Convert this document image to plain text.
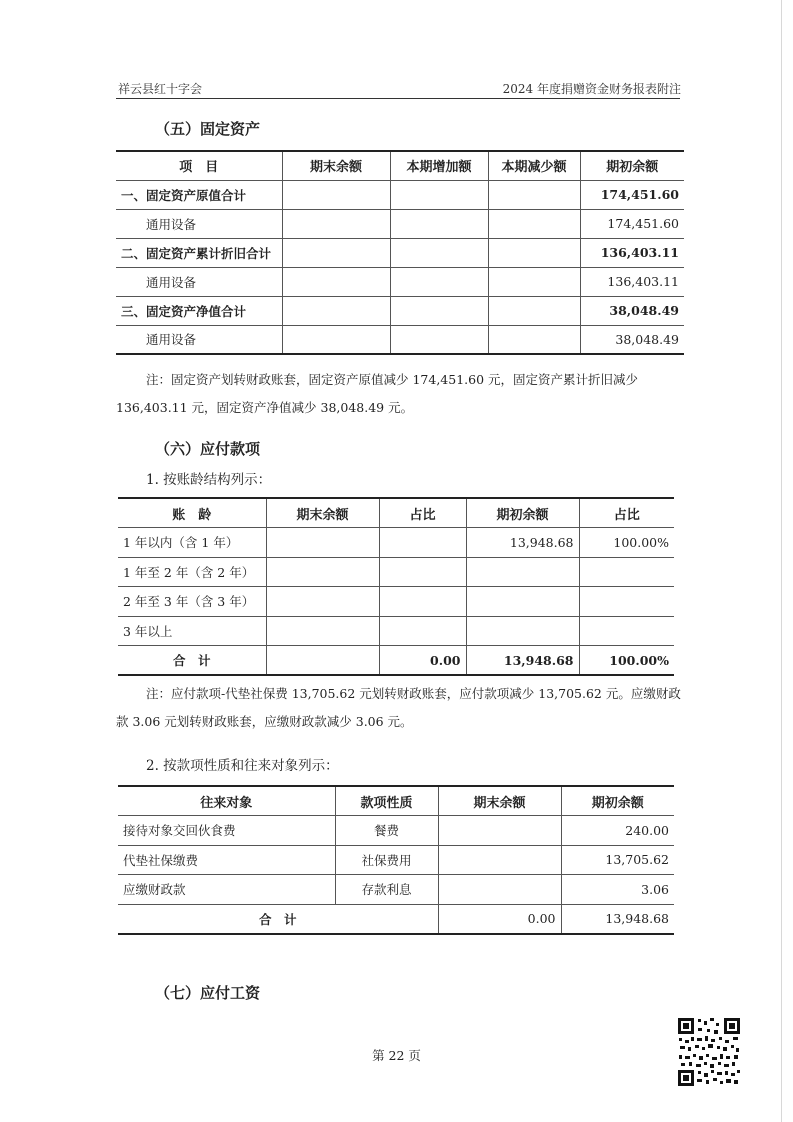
祥云县红十字会	2024 年度捐赠资金财务报表附注
（五）固定资产
项　目	期末余额	本期增加额	本期减少额	期初余额
一、固定资产原值合计				174,451.60
通用设备				174,451.60
二、固定资产累计折旧合计				136,403.11
通用设备				136,403.11
三、固定资产净值合计				38,048.49
通用设备				38,048.49
注：固定资产划转财政账套，固定资产原值减少 174,451.60 元，固定资产累计折旧减少136,403.11 元，固定资产净值减少 38,048.49 元。
（六）应付款项
1. 按账龄结构列示：
账　龄	期末余额	占比	期初余额	占比
1 年以内（含 1 年）			13,948.68	100.00%
1 年至 2 年（含 2 年）				
2 年至 3 年（含 3 年）				
3 年以上				
合　计		0.00	13,948.68	100.00%
注：应付款项-代垫社保费 13,705.62 元划转财政账套，应付款项减少 13,705.62 元。应缴财政款 3.06 元划转财政账套，应缴财政款减少 3.06 元。
2. 按款项性质和往来对象列示：
往来对象	款项性质	期末余额	期初余额
接待对象交回伙食费	餐费		240.00
代垫社保缴费	社保费用		13,705.62
应缴财政款	存款利息		3.06
合　计		0.00	13,948.68
（七）应付工资
第 22 页
